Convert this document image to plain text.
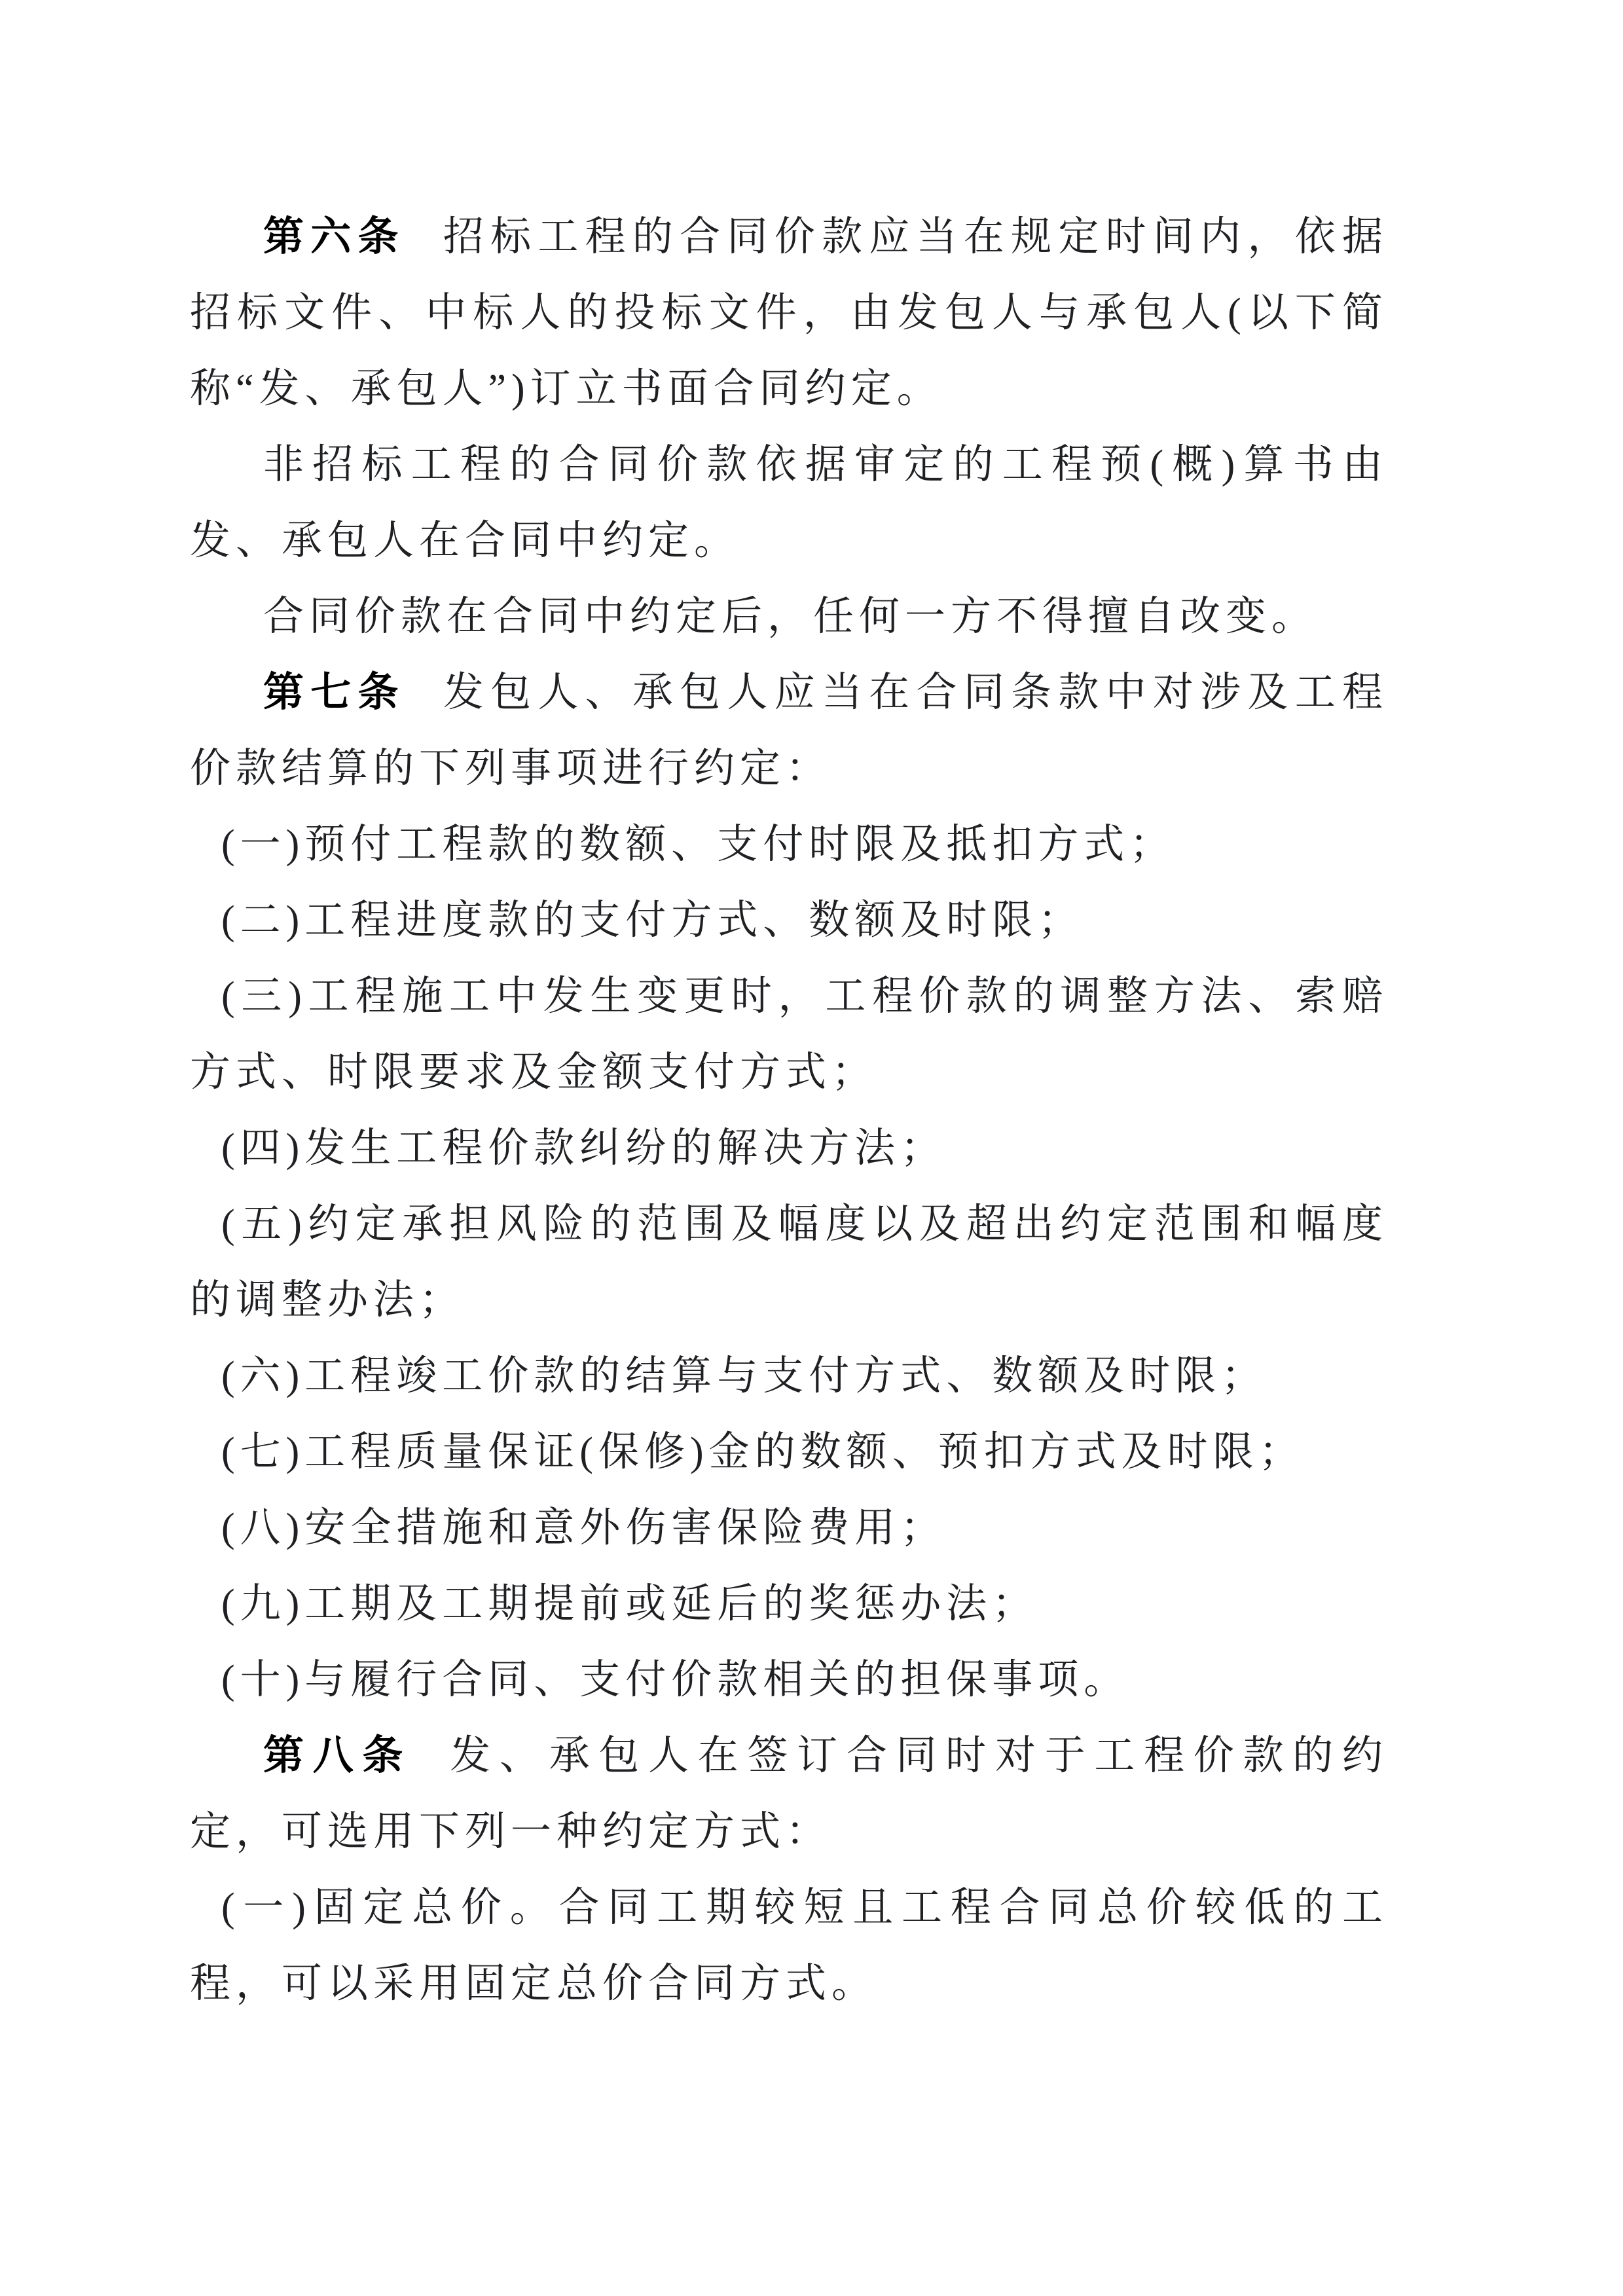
第六条 招标工程的合同价款应当在规定时间内，依据招标文件、中标人的投标文件，由发包人与承包人(以下简称“发、承包人”)订立书面合同约定。

非招标工程的合同价款依据审定的工程预(概)算书由发、承包人在合同中约定。

合同价款在合同中约定后，任何一方不得擅自改变。

第七条 发包人、承包人应当在合同条款中对涉及工程价款结算的下列事项进行约定：

(一)预付工程款的数额、支付时限及抵扣方式；

(二)工程进度款的支付方式、数额及时限；

(三)工程施工中发生变更时，工程价款的调整方法、索赔方式、时限要求及金额支付方式；

(四)发生工程价款纠纷的解决方法；

(五)约定承担风险的范围及幅度以及超出约定范围和幅度的调整办法；

(六)工程竣工价款的结算与支付方式、数额及时限；

(七)工程质量保证(保修)金的数额、预扣方式及时限；

(八)安全措施和意外伤害保险费用；

(九)工期及工期提前或延后的奖惩办法；

(十)与履行合同、支付价款相关的担保事项。

第八条 发、承包人在签订合同时对于工程价款的约定，可选用下列一种约定方式：

(一)固定总价。合同工期较短且工程合同总价较低的工程，可以采用固定总价合同方式。
